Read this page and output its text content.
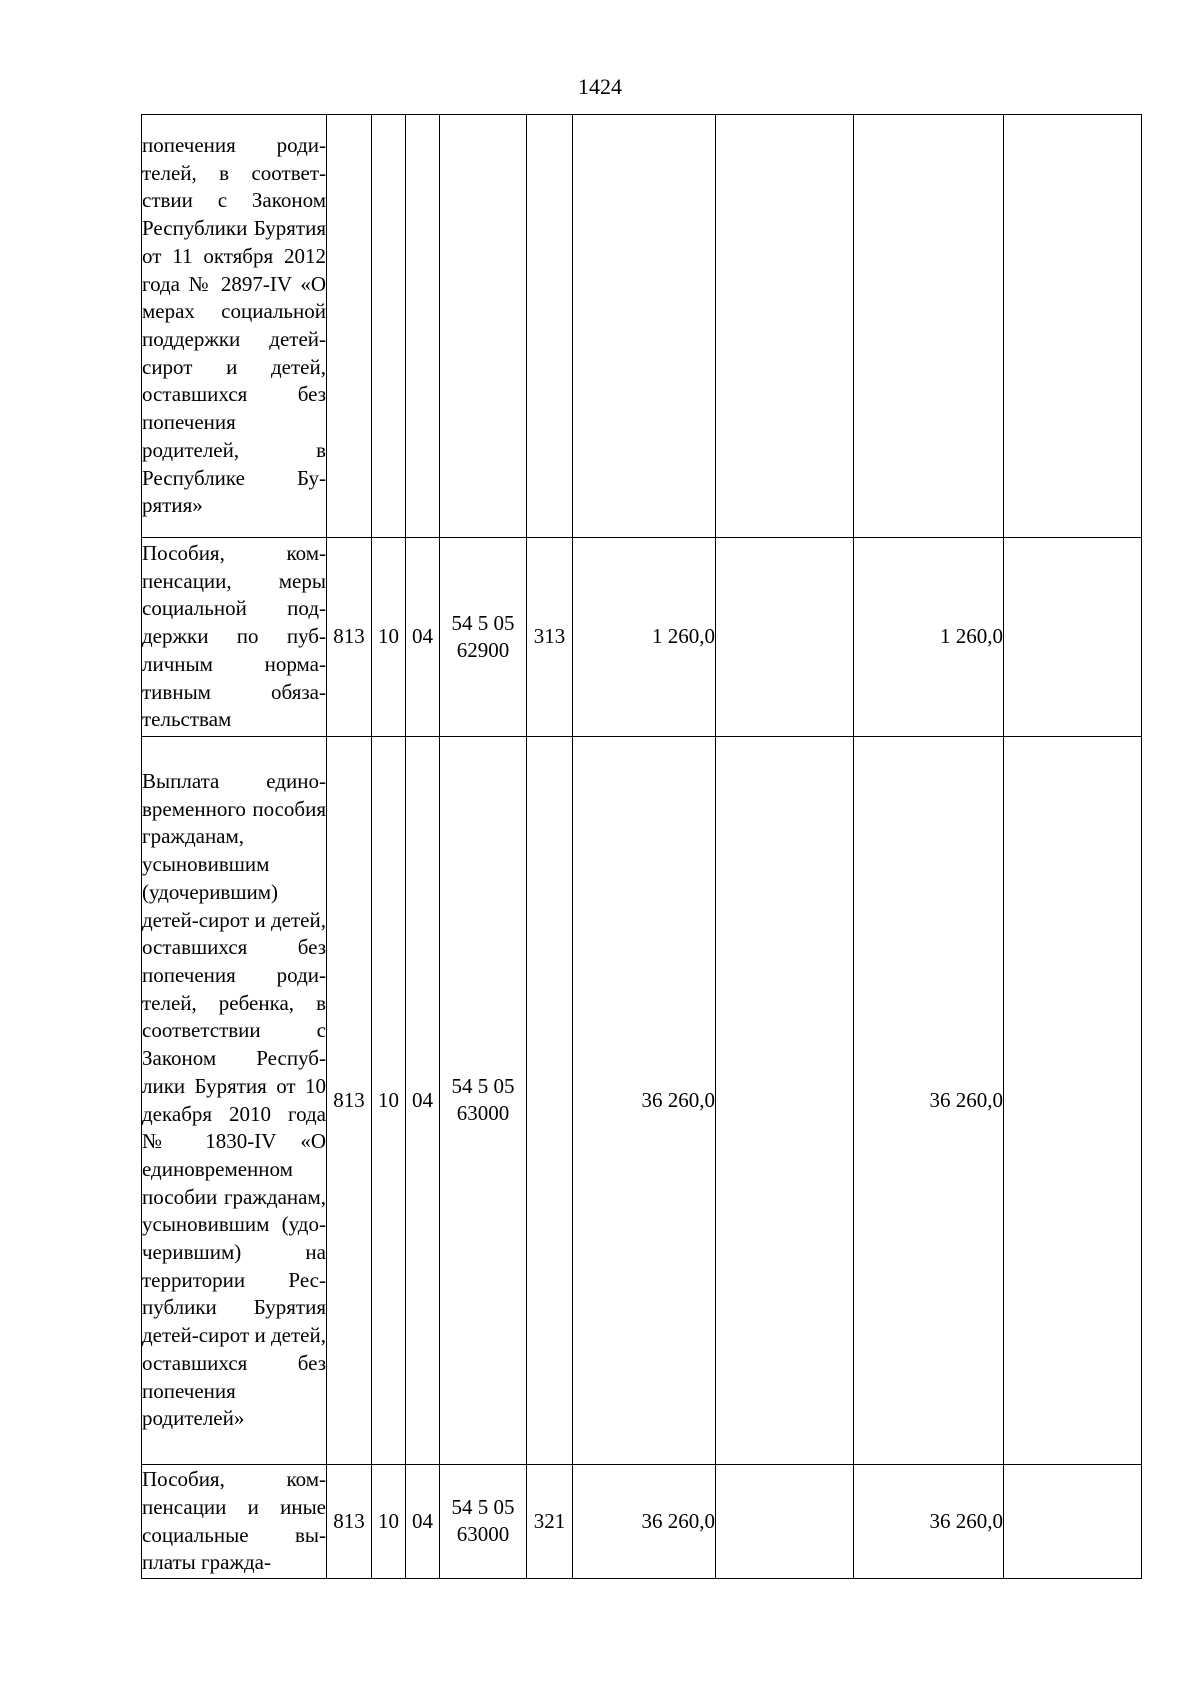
1424
попечения родителей, в соответствии с Законом Республики Бурятия от 11 октября 2012 года № 2897-IV «О мерах социальной поддержки детей-сирот и детей, оставшихся без попечения родителей, в Республике Бурятия»									
Пособия, компенсации, меры социальной поддержки по публичным нормативным обязательствам	813	10	04	54 5 05 62900	313	1 260,0		1 260,0	
Выплата единовременного пособия гражданам, усыновившим (удочерившим) детей-сирот и детей, оставшихся без попечения родителей, ребенка, в соответствии с Законом Республики Бурятия от 10 декабря 2010 года № 1830-IV «О единовременном пособии гражданам, усыновившим (удочерившим) на территории Республики Бурятия детей-сирот и детей, оставшихся без попечения родителей»	813	10	04	54 5 05 63000		36 260,0		36 260,0	
Пособия, компенсации и иные социальные выплаты гражда-	813	10	04	54 5 05 63000	321	36 260,0		36 260,0	
